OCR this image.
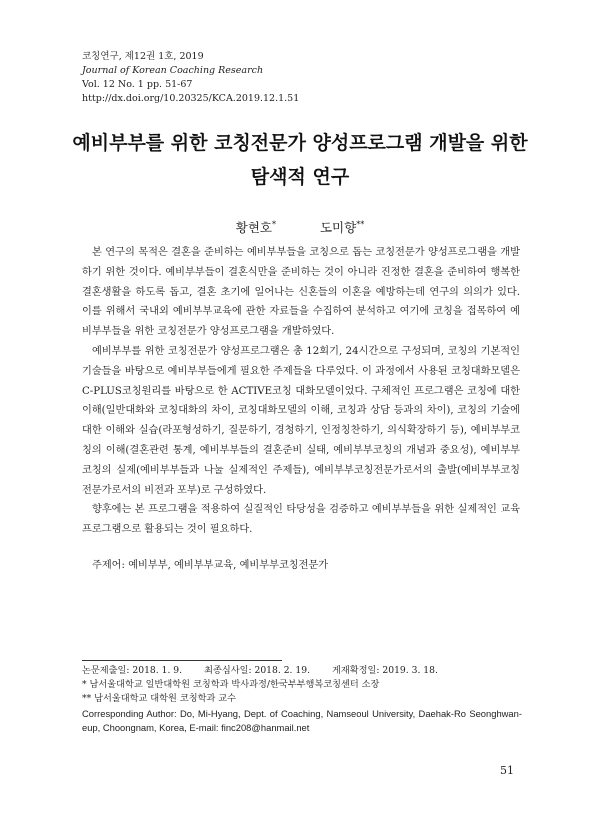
코칭연구, 제12권 1호, 2019
Journal of Korean Coaching Research
Vol. 12 No. 1 pp. 51-67
http://dx.doi.org/10.20325/KCA.2019.12.1.51
예비부부를 위한 코칭전문가 양성프로그램 개발을 위한
탐색적 연구
황현호*	도미향**

본 연구의 목적은 결혼을 준비하는 예비부부들을 코칭으로 돕는 코칭전문가 양성프로그램을 개발하기 위한 것이다. 예비부부들이 결혼식만을 준비하는 것이 아니라 진정한 결혼을 준비하여 행복한 결혼생활을 하도록 돕고, 결혼 초기에 일어나는 신혼들의 이혼을 예방하는데 연구의 의의가 있다. 이를 위해서 국내외 예비부부교육에 관한 자료들을 수집하여 분석하고 여기에 코칭을 접목하여 예비부부들을 위한 코칭전문가 양성프로그램을 개발하였다.

예비부부를 위한 코칭전문가 양성프로그램은 총 12회기, 24시간으로 구성되며, 코칭의 기본적인 기술들을 바탕으로 예비부부들에게 필요한 주제들을 다루었다. 이 과정에서 사용된 코칭대화모델은 C-PLUS코칭원리를 바탕으로 한 ACTIVE코칭 대화모델이었다. 구체적인 프로그램은 코칭에 대한 이해(일반대화와 코칭대화의 차이, 코칭대화모델의 이해, 코칭과 상담 등과의 차이), 코칭의 기술에 대한 이해와 실습(라포형성하기, 질문하기, 경청하기, 인정칭찬하기, 의식확장하기 등), 예비부부코칭의 이해(결혼관련 통계, 예비부부들의 결혼준비 실태, 예비부부코칭의 개념과 중요성), 예비부부코칭의 실제(예비부부들과 나눌 실제적인 주제들), 예비부부코칭전문가로서의 출발(예비부부코칭전문가로서의 비전과 포부)로 구성하였다.

향후에는 본 프로그램을 적용하여 실질적인 타당성을 검증하고 예비부부들을 위한 실제적인 교육프로그램으로 활용되는 것이 필요하다.

주제어: 예비부부, 예비부부교육, 예비부부코칭전문가
논문제출일: 2018. 1. 9. 최종심사일: 2018. 2. 19. 게재확정일: 2019. 3. 18.
* 남서울대학교 일반대학원 코칭학과 박사과정/한국부부행복코칭센터 소장
** 남서울대학교 대학원 코칭학과 교수
Corresponding Author: Do, Mi-Hyang, Dept. of Coaching, Namseoul University, Daehak-Ro Seonghwan-eup, Choongnam, Korea, E-mail: finc208@hanmail.net
51
